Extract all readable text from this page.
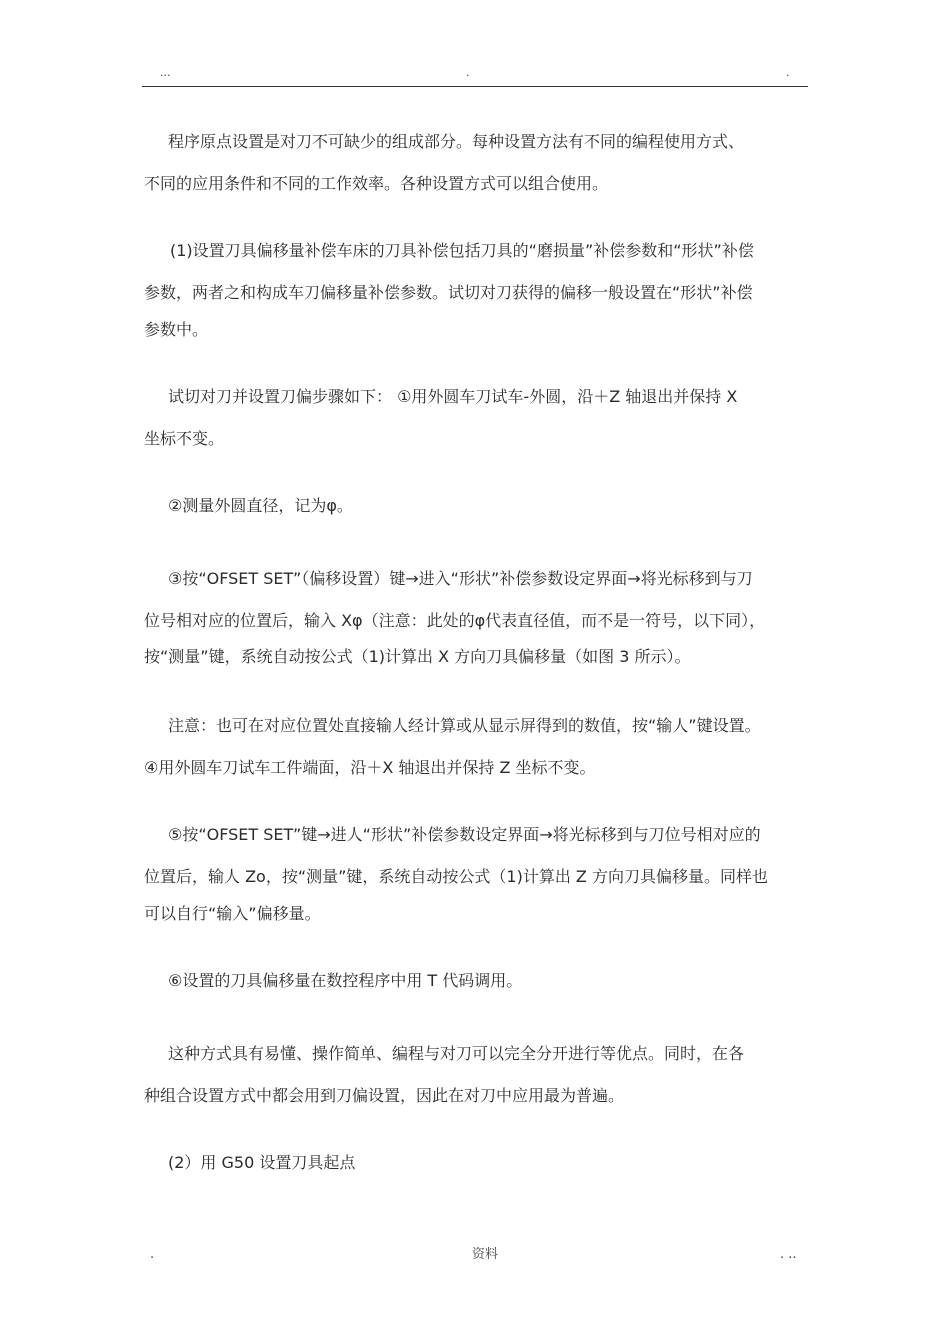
...	.	.
程序原点设置是对刀不可缺少的组成部分。每种设置方法有不同的编程使用方式、
不同的应用条件和不同的工作效率。各种设置方式可以组合使用。
(1)设置刀具偏移量补偿车床的刀具补偿包括刀具的“磨损量”补偿参数和“形状”补偿
参数，两者之和构成车刀偏移量补偿参数。试切对刀获得的偏移一般设置在“形状”补偿
参数中。
试切对刀并设置刀偏步骤如下： ①用外圆车刀试车-外圆，沿＋Z 轴退出并保持 X
坐标不变。
②测量外圆直径，记为φ。
③按“OFSET SET”（偏移设置）键→进入“形状”补偿参数设定界面→将光标移到与刀
位号相对应的位置后，输入 Xφ（注意：此处的φ代表直径值，而不是一符号，以下同），
按“测量”键，系统自动按公式（1)计算出 X 方向刀具偏移量（如图 3 所示）。
注意：也可在对应位置处直接输人经计算或从显示屏得到的数值，按“输人”键设置。
④用外圆车刀试车工件端面，沿＋X 轴退出并保持 Z 坐标不变。
⑤按“OFSET SET”键→进人“形状”补偿参数设定界面→将光标移到与刀位号相对应的
位置后，输人 Zo，按“测量”键，系统自动按公式（1)计算出 Z 方向刀具偏移量。同样也
可以自行“输入”偏移量。
⑥设置的刀具偏移量在数控程序中用 T 代码调用。
这种方式具有易懂、操作简单、编程与对刀可以完全分开进行等优点。同时，在各
种组合设置方式中都会用到刀偏设置，因此在对刀中应用最为普遍。
(2）用 G50 设置刀具起点
.	资料	. ..
